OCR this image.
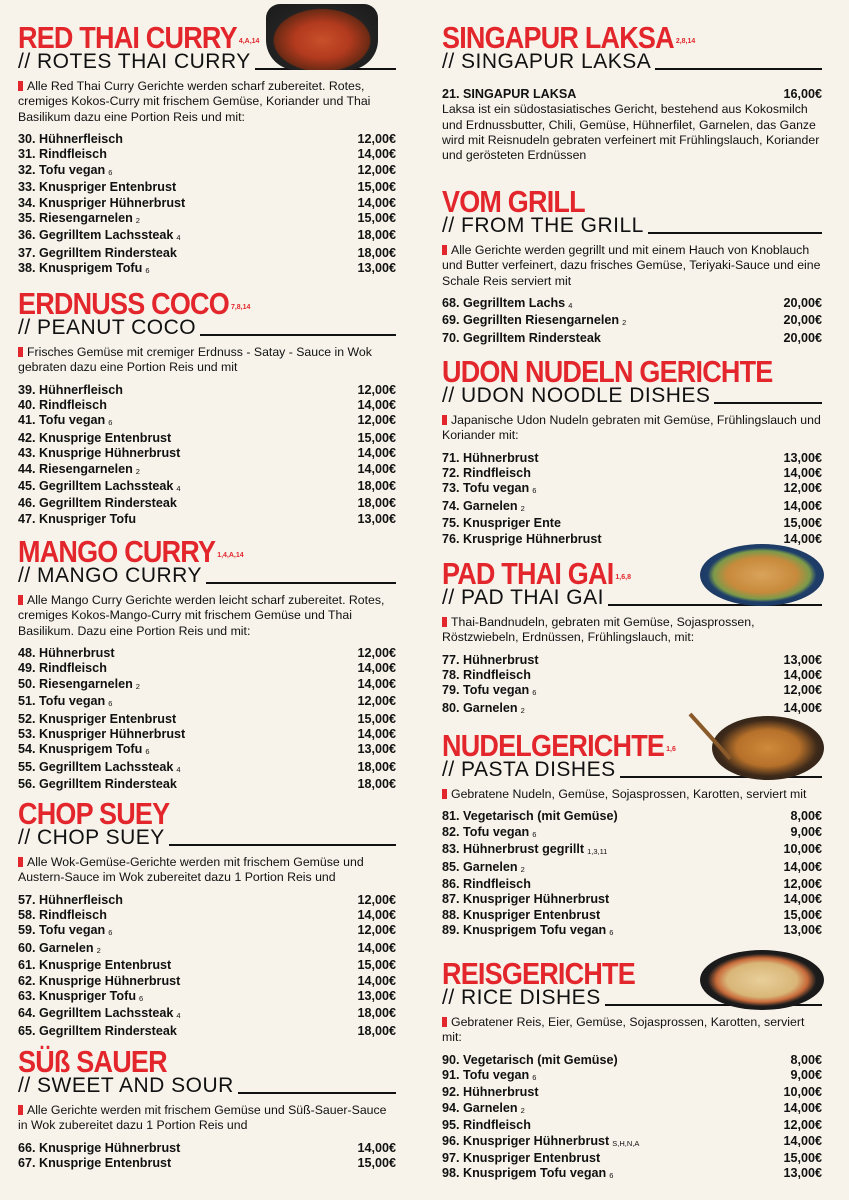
RED THAI CURRY 4,A,14
// ROTES THAI CURRY
Alle Red Thai Curry Gerichte werden scharf zubereitet. Rotes, cremiges Kokos-Curry mit frischem Gemüse, Koriander und Thai Basilikum dazu eine Portion Reis und mit:
30. Hühnerfleisch	12,00€
31. Rindfleisch	14,00€
32. Tofu vegan 6	12,00€
33. Knuspriger Entenbrust	15,00€
34. Knuspriger Hühnerbrust	14,00€
35. Riesengarnelen 2	15,00€
36. Gegrilltem Lachssteak 4	18,00€
37. Gegrilltem Rindersteak	18,00€
38. Knusprigem Tofu 6	13,00€
ERDNUSS COCO 7,8,14
// PEANUT COCO
Frisches Gemüse mit cremiger Erdnuss - Satay - Sauce in Wok gebraten dazu eine Portion Reis und mit
39. Hühnerfleisch	12,00€
40. Rindfleisch	14,00€
41. Tofu vegan 6	12,00€
42. Knusprige Entenbrust	15,00€
43. Knusprige Hühnerbrust	14,00€
44. Riesengarnelen 2	14,00€
45. Gegrilltem Lachssteak 4	18,00€
46. Gegrilltem Rindersteak	18,00€
47. Knuspriger Tofu	13,00€
MANGO CURRY 1,4,A,14
// MANGO CURRY
Alle Mango Curry Gerichte werden leicht scharf zubereitet. Rotes, cremiges Kokos-Mango-Curry mit frischem Gemüse und Thai Basilikum. Dazu eine Portion Reis und mit:
48. Hühnerbrust	12,00€
49. Rindfleisch	14,00€
50. Riesengarnelen 2	14,00€
51. Tofu vegan 6	12,00€
52. Knuspriger Entenbrust	15,00€
53. Knuspriger Hühnerbrust	14,00€
54. Knusprigem Tofu 6	13,00€
55. Gegrilltem Lachssteak 4	18,00€
56. Gegrilltem Rindersteak	18,00€
CHOP SUEY
// CHOP SUEY
Alle Wok-Gemüse-Gerichte werden mit frischem Gemüse und Austern-Sauce im Wok zubereitet dazu 1 Portion Reis und
57. Hühnerfleisch	12,00€
58. Rindfleisch	14,00€
59. Tofu vegan 6	12,00€
60. Garnelen 2	14,00€
61. Knusprige Entenbrust	15,00€
62. Knusprige Hühnerbrust	14,00€
63. Knuspriger Tofu 6	13,00€
64. Gegrilltem Lachssteak 4	18,00€
65. Gegrilltem Rindersteak	18,00€
SÜß SAUER
// SWEET AND SOUR
Alle Gerichte werden mit frischem Gemüse und Süß-Sauer-Sauce in Wok zubereitet dazu 1 Portion Reis und
66. Knusprige Hühnerbrust	14,00€
67. Knusprige Entenbrust	15,00€
SINGAPUR LAKSA 2,8,14
// SINGAPUR LAKSA
21. SINGAPUR LAKSA	16,00€
Laksa ist ein südostasiatisches Gericht, bestehend aus Kokosmilch und Erdnussbutter, Chili, Gemüse, Hühnerfilet, Garnelen, das Ganze wird mit Reisnudeln gebraten verfeinert mit Frühlingslauch, Koriander und gerösteten Erdnüssen
VOM GRILL
// FROM THE GRILL
Alle Gerichte werden gegrillt und mit einem Hauch von Knoblauch und Butter verfeinert, dazu frisches Gemüse, Teriyaki-Sauce und eine Schale Reis serviert mit
68. Gegrilltem Lachs 4	20,00€
69. Gegrillten Riesengarnelen 2	20,00€
70. Gegrilltem Rindersteak	20,00€
UDON NUDELN GERICHTE
// UDON NOODLE DISHES
Japanische Udon Nudeln gebraten mit Gemüse, Frühlingslauch und Koriander mit:
71. Hühnerbrust	13,00€
72. Rindfleisch	14,00€
73. Tofu vegan 6	12,00€
74. Garnelen 2	14,00€
75. Knuspriger Ente	15,00€
76. Krusprige Hühnerbrust	14,00€
PAD THAI GAI 1,6,8
// PAD THAI GAI
Thai-Bandnudeln, gebraten mit Gemüse, Sojasprossen, Röstzwiebeln, Erdnüssen, Frühlingslauch, mit:
77. Hühnerbrust	13,00€
78. Rindfleisch	14,00€
79. Tofu vegan 6	12,00€
80. Garnelen 2	14,00€
NUDELGERICHTE 1,6
// PASTA DISHES
Gebratene Nudeln, Gemüse, Sojasprossen, Karotten, serviert mit
81. Vegetarisch (mit Gemüse)	8,00€
82. Tofu vegan 6	9,00€
83. Hühnerbrust gegrillt 1,3,11	10,00€
85. Garnelen 2	14,00€
86. Rindfleisch	12,00€
87. Knuspriger Hühnerbrust	14,00€
88. Knuspriger Entenbrust	15,00€
89. Knusprigem Tofu vegan 6	13,00€
REISGERICHTE
// RICE DISHES
Gebratener Reis, Eier, Gemüse, Sojasprossen, Karotten, serviert mit:
90. Vegetarisch (mit Gemüse)	8,00€
91. Tofu vegan 6	9,00€
92. Hühnerbrust	10,00€
94. Garnelen 2	14,00€
95. Rindfleisch	12,00€
96. Knuspriger Hühnerbrust S,H,N,A	14,00€
97. Knuspriger Entenbrust	15,00€
98. Knusprigem Tofu vegan 6	13,00€
